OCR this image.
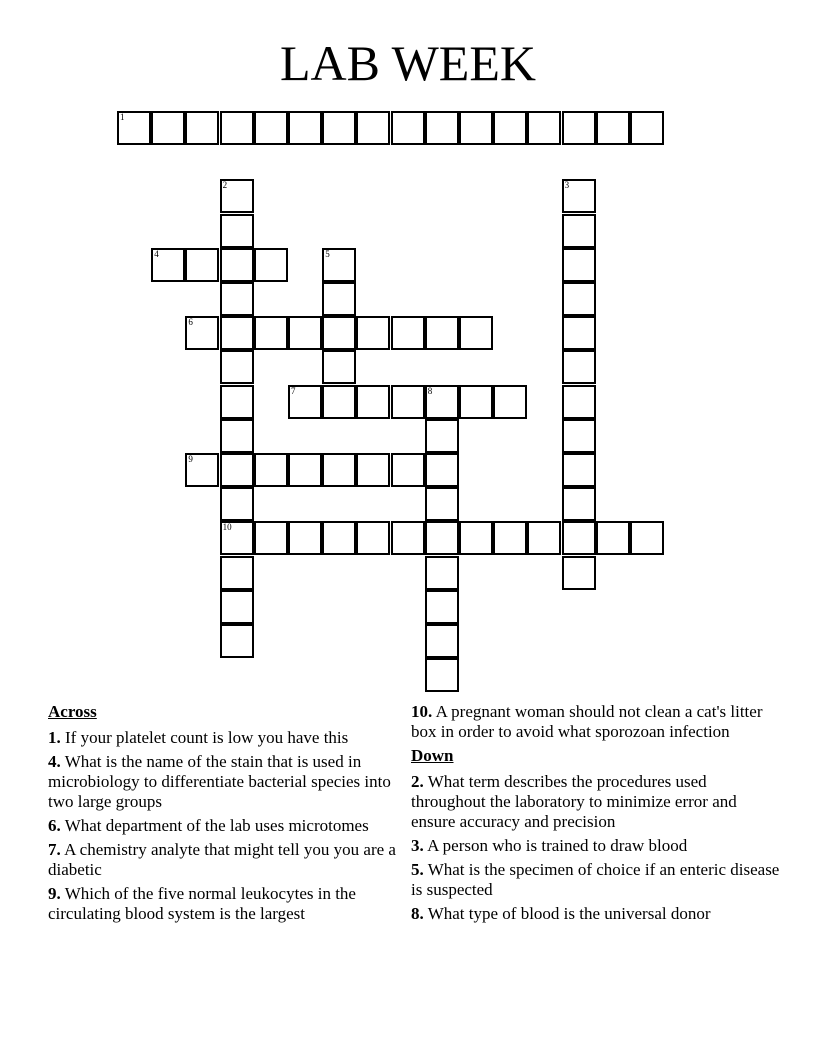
LAB WEEK
1
2
10
3
4	5
6
7	8
9
Across
1. If your platelet count is low you have this
4. What is the name of the stain that is used in microbiology to differentiate bacterial species into two large groups
6. What department of the lab uses microtomes
7. A chemistry analyte that might tell you you are a diabetic
9. Which of the five normal leukocytes in the circulating blood system is the largest
10. A pregnant woman should not clean a cat's litter box in order to avoid what sporozoan infection
Down
2. What term describes the procedures used throughout the laboratory to minimize error and ensure accuracy and precision
3. A person who is trained to draw blood
5. What is the specimen of choice if an enteric disease is suspected
8. What type of blood is the universal donor
